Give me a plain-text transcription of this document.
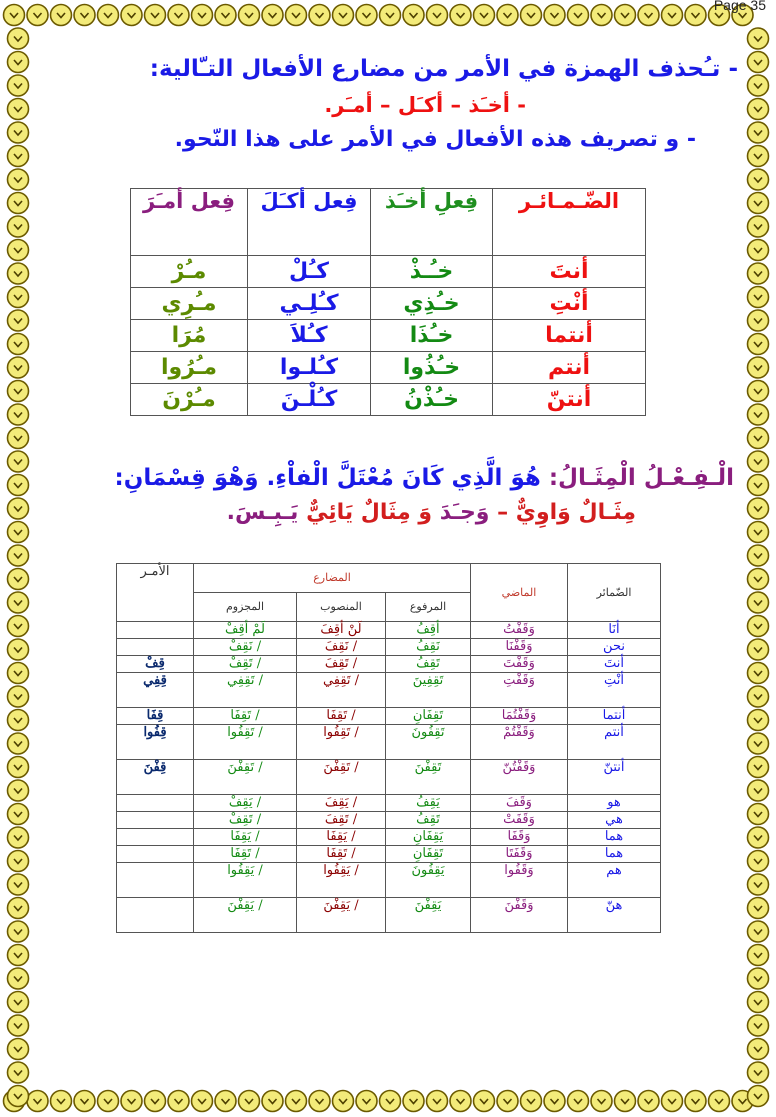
Page 35
- تـُحذف الهمزة في الأمر من مضارع الأفعال التـّالية:
- أخـَذ – أكـَل – أمـَر.
- و تصريف هذه الأفعال في الأمر على هذا النّحو.
الضّـمـائـر	فِعلِ أخـَذ	فِعل أكـَلَ	فِعل أمـَرَ
أنتَ	خـُـذْ	كـُلْ	مـُرْ
أنْتِ	خـُذِي	كـُلِـي	مـُرِي
أنتما	خـُذَا	كـُلاَ	مُرَا
أنتم	خـُذُوا	كـُلـوا	مـُرُوا
أنتنّ	خـُذْنُ	كـُلْـنَ	مـُرْنَ
الْـفِـعْـلُ الْمِثَـالُ: هُوَ الَّذِي كَانَ مُعْتَلَّ الْفاْءِ. وَهْوَ قِسْمَانِ:
مِثَـالٌ وَاوِيٌّ – وَجـَدَ وَ مِثَالٌ يَائِيٌّ يَـبِـسَ.
الضّمائر	الماضي	المضارع			الأمـر
		المرفوع	المنصوب	المجزوم	
أنَا	وَقَفْتُ	أقِفُ	لَنْ أقِفَ	لَمْ أقِفْ	
نحن	وَقَفْنَا	نَقِفُ	/ نَقِفَ	/ نَقِفْ	
أنتَ	وَقَفْتَ	تَقِفُ	/ تَقِفَ	/ تَقِفْ	قِفْ
أنْتِ	وَقَفْتِ	تَقِفِينَ	/ تَقِفِي	/ تَقِفِي	قِفِي
أنتما	وَقَفْتُمَا	تَقِفَانِ	/ تَقِفَا	/ تَقِفَا	قِفَا
أنتم	وَقَفْتُمْ	تَقِفُونَ	/ تَقِفُوا	/ تَقِفُوا	قِفُوا
أنتنّ	وَقَفْتُنّ	تَقِفْنَ	/ تَقِفْنَ	/ تَقِفْنَ	قِفْنَ
هو	وَقَفَ	يَقِفُ	/ يَقِفَ	/ يَقِفْ	
هي	وَقَفَتْ	تَقِفُ	/ تَقِفَ	/ تَقِفْ	
هما	وَقَفَا	يَقِفَانِ	/ يَقِفَا	/ يَقِفَا	
هما	وَقَفَتَا	تَقِفَانِ	/ تَقِفَا	/ تَقِفَا	
هم	وَقَفُوا	يَقِفُونَ	/ يَقِفُوا	/ يَقِفُوا	
هنّ	وَقَفْنَ	يَقِفْنَ	/ يَقِفْنَ	/ يَقِفْنَ	
